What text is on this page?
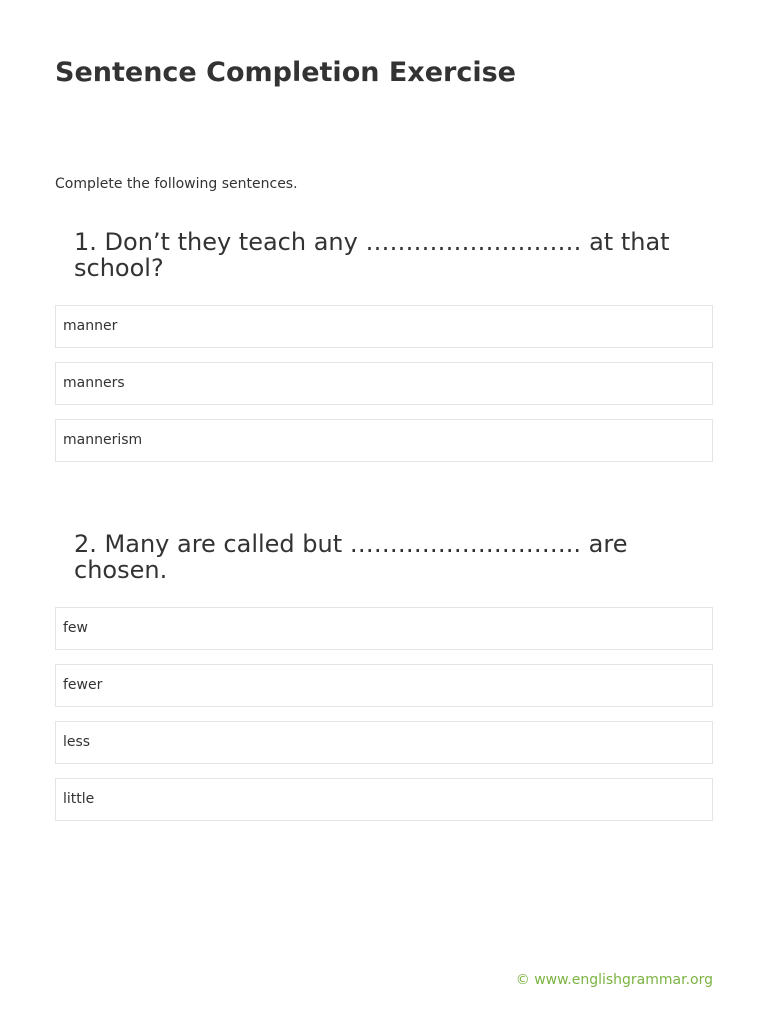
Sentence Completion Exercise

Complete the following sentences.

1. Don’t they teach any ……………………… at that school?
manner
manners
mannerism
2. Many are called but ……………………….. are chosen.
few
fewer
less
little

© www.englishgrammar.org
